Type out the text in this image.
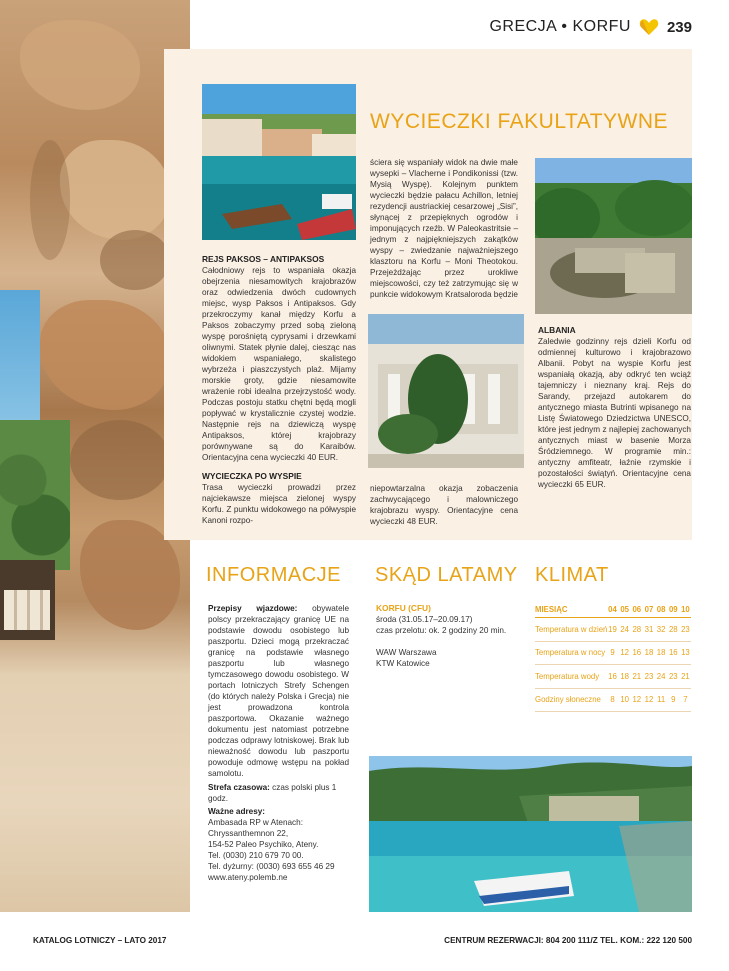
GRECJA • KORFU 239
WYCIECZKI FAKULTATYWNE
REJS PAKSOS – ANTIPAKSOS
Całodniowy rejs to wspaniała okazja obejrzenia niesamowitych krajobrazów oraz odwiedzenia dwóch cudownych miejsc, wysp Paksos i Antipaksos. Gdy przekroczymy kanał między Korfu a Paksos zobaczymy przed sobą zieloną wyspę porośniętą cyprysami i drzewkami oliwnymi. Statek płynie dalej, ciesząc nas widokiem wspaniałego, skalistego wybrzeża i piaszczystych plaż. Mijamy morskie groty, gdzie niesamowite wrażenie robi idealna przejrzystość wody. Podczas postoju statku chętni będą mogli popływać w krystalicznie czystej wodzie. Następnie rejs na dziewiczą wyspę Antipaksos, której krajobrazy porównywane są do Karaibów. Orientacyjna cena wycieczki 40 EUR.
WYCIECZKA PO WYSPIE
Trasa wycieczki prowadzi przez najciekawsze miejsca zielonej wyspy Korfu. Z punktu widokowego na półwyspie Kanoni rozpo-
ściera się wspaniały widok na dwie małe wysepki – Vlacherne i Pondikonissi (tzw. Mysią Wyspę). Kolejnym punktem wycieczki będzie pałacu Achillon, letniej rezydencji austriackiej cesarzowej „Sisi”, słynącej z przepięknych ogrodów i imponujących rzeźb. W Paleokastritsie – jednym z najpiękniejszych zakątków wyspy – zwiedzanie najważniejszego klasztoru na Korfu – Moni Theotokou. Przejeżdżając przez urokliwe miejscowości, czy też zatrzymując się w punkcie widokowym Kratsaloroda będzie
niepowtarzalna okazja zobaczenia zachwycającego i malowniczego krajobrazu wyspy. Orientacyjne cena wycieczki 48 EUR.
ALBANIA
Zaledwie godzinny rejs dzieli Korfu od odmiennej kulturowo i krajobrazowo Albanii. Pobyt na wyspie Korfu jest wspaniałą okazją, aby odkryć ten wciąż tajemniczy i nieznany kraj. Rejs do Sarandy, przejazd autokarem do antycznego miasta Butrinti wpisanego na Listę Światowego Dziedzictwa UNESCO, które jest jednym z najlepiej zachowanych antycznych miast w basenie Morza Śródziemnego. W programie min.: antyczny amfiteatr, łaźnie rzymskie i pozostałości świątyń. Orientacyjne cena wycieczki 65 EUR.
INFORMACJE
Przepisy wjazdowe: obywatele polscy przekraczający granicę UE na podstawie dowodu osobistego lub paszportu. Dzieci mogą przekraczać granicę na podstawie własnego paszportu lub własnego tymczasowego dowodu osobistego. W portach lotniczych Strefy Schengen (do których należy Polska i Grecja) nie jest prowadzona kontrola paszportowa. Okazanie ważnego dokumentu jest natomiast potrzebne podczas odprawy lotniskowej. Brak lub nieważność dowodu lub paszportu powoduje odmowę wstępu na pokład samolotu.
Strefa czasowa: czas polski plus 1 godz.
Ważne adresy:
Ambasada RP w Atenach:
Chryssanthemnon 22,
154-52 Paleo Psychiko, Ateny.
Tel. (0030) 210 679 70 00.
Tel. dyżurny: (0030) 693 655 46 29
www.ateny.polemb.ne
SKĄD LATAMY
KORFU (CFU)
środa (31.05.17–20.09.17)
czas przelotu: ok. 2 godziny 20 min.
WAW Warszawa
KTW Katowice
KLIMAT
MIESIĄC	04 05 06 07 08 09 10
Temperatura w dzień 19 24 28 31 32 28 23
Temperatura w nocy 9 12 16 18 18 16 13
Temperatura wody	16 18 21 23 24 23 21
Godziny słoneczne	8 10 12 12 11 9	7
KATALOG LOTNICZY – LATO 2017	CENTRUM REZERWACJI: 804 200 111/Z TEL. KOM.: 222 120 500
